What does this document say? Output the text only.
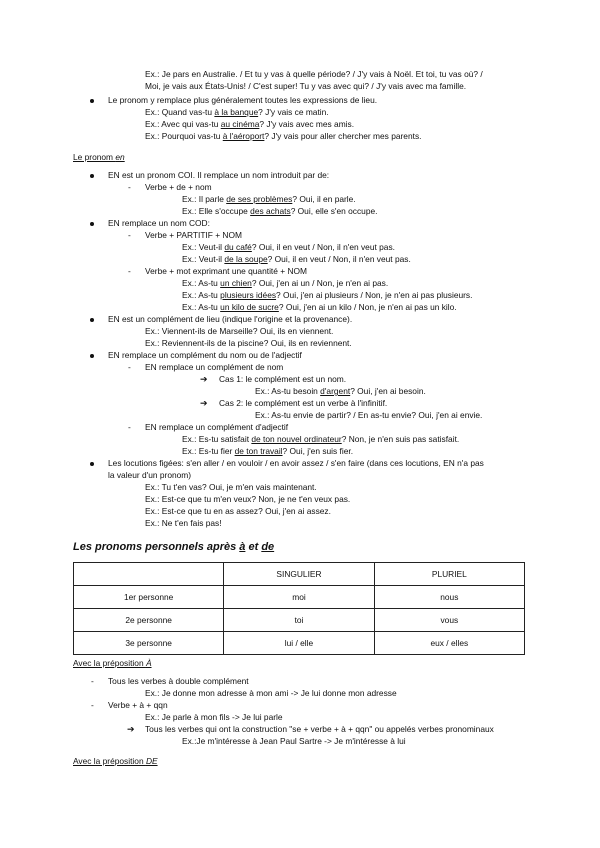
Ex.: Je pars en Australie. / Et tu y vas à quelle période? / J'y vais à Noël. Et toi, tu vas où? /
Moi, je vais aux États-Unis! / C'est super! Tu y vas avec qui? / J'y vais avec ma famille.
Le pronom y remplace plus généralement toutes les expressions de lieu.
Ex.: Quand vas-tu à la banque? J'y vais ce matin.
Ex.: Avec qui vas-tu au cinéma? J'y vais avec mes amis.
Ex.: Pourquoi vas-tu à l'aéroport? J'y vais pour aller chercher mes parents.
Le pronom en
EN est un pronom COI. Il remplace un nom introduit par de:
- Verbe + de + nom
Ex.: Il parle de ses problèmes? Oui, il en parle.
Ex.: Elle s'occupe des achats? Oui, elle s'en occupe.
EN remplace un nom COD:
- Verbe + PARTITIF + NOM
Ex.: Veut-il du café? Oui, il en veut / Non, il n'en veut pas.
Ex.: Veut-il de la soupe? Oui, il en veut / Non, il n'en veut pas.
- Verbe + mot exprimant une quantité + NOM
Ex.: As-tu un chien? Oui, j'en ai un / Non, je n'en ai pas.
Ex.: As-tu plusieurs idées? Oui, j'en ai plusieurs / Non, je n'en ai pas plusieurs.
Ex.: As-tu un kilo de sucre? Oui, j'en ai un kilo / Non, je n'en ai pas un kilo.
EN est un complément de lieu (indique l'origine et la provenance).
Ex.: Viennent-ils de Marseille? Oui, ils en viennent.
Ex.: Reviennent-ils de la piscine? Oui, ils en reviennent.
EN remplace un complément du nom ou de l'adjectif
- EN remplace un complément de nom
➔ Cas 1: le complément est un nom.
Ex.: As-tu besoin d'argent? Oui, j'en ai besoin.
➔ Cas 2: le complément est un verbe à l'infinitif.
Ex.: As-tu envie de partir? / En as-tu envie? Oui, j'en ai envie.
- EN remplace un complément d'adjectif
Ex.: Es-tu satisfait de ton nouvel ordinateur? Non, je n'en suis pas satisfait.
Ex.: Es-tu fier de ton travail? Oui, j'en suis fier.
Les locutions figées: s'en aller / en vouloir / en avoir assez / s'en faire (dans ces locutions, EN n'a pas
la valeur d'un pronom)
Ex.: Tu t'en vas? Oui, je m'en vais maintenant.
Ex.: Est-ce que tu m'en veux? Non, je ne t'en veux pas.
Ex.: Est-ce que tu en as assez? Oui, j'en ai assez.
Ex.: Ne t'en fais pas!
Les pronoms personnels après à et de
	SINGULIER	PLURIEL
1er personne	moi	nous
2e personne	toi	vous
3e personne	lui / elle	eux / elles
Avec la préposition À
- Tous les verbes à double complément
Ex.: Je donne mon adresse à mon ami -> Je lui donne mon adresse
- Verbe + à + qqn
Ex.: Je parle à mon fils -> Je lui parle
➔ Tous les verbes qui ont la construction "se + verbe + à + qqn" ou appelés verbes pronominaux
Ex.:Je m'intéresse à Jean Paul Sartre -> Je m'intéresse à lui
Avec la préposition DE
